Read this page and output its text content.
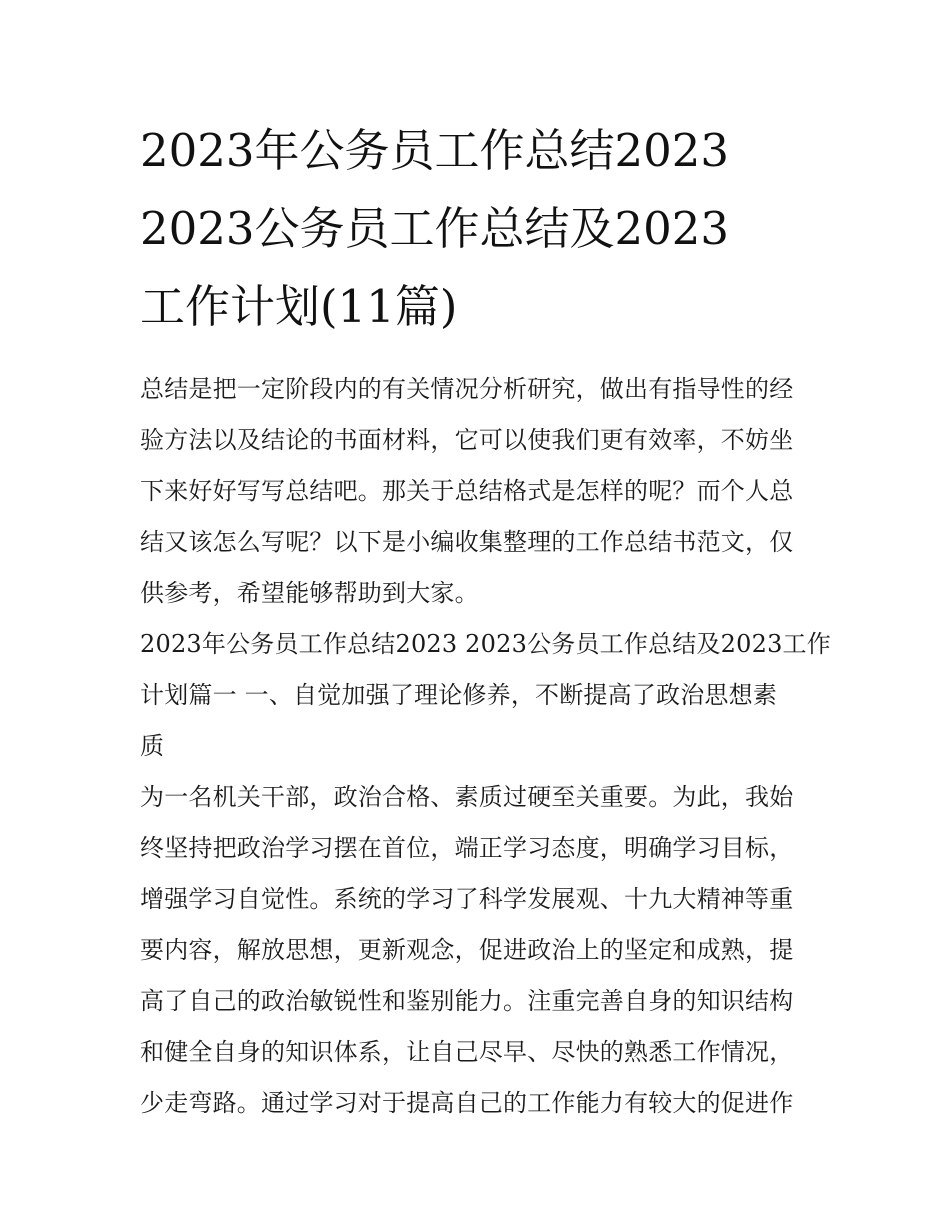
2023年公务员工作总结2023
2023公务员工作总结及2023
工作计划(11篇)
总结是把一定阶段内的有关情况分析研究，做出有指导性的经
验方法以及结论的书面材料，它可以使我们更有效率，不妨坐
下来好好写写总结吧。那关于总结格式是怎样的呢？而个人总
结又该怎么写呢？以下是小编收集整理的工作总结书范文，仅
供参考，希望能够帮助到大家。
2023年公务员工作总结2023 2023公务员工作总结及2023工作
计划篇一 一、自觉加强了理论修养，不断提高了政治思想素
质
为一名机关干部，政治合格、素质过硬至关重要。为此，我始
终坚持把政治学习摆在首位，端正学习态度，明确学习目标，
增强学习自觉性。系统的学习了科学发展观、十九大精神等重
要内容，解放思想，更新观念，促进政治上的坚定和成熟，提
高了自己的政治敏锐性和鉴别能力。注重完善自身的知识结构
和健全自身的知识体系，让自己尽早、尽快的熟悉工作情况，
少走弯路。通过学习对于提高自己的工作能力有较大的促进作
